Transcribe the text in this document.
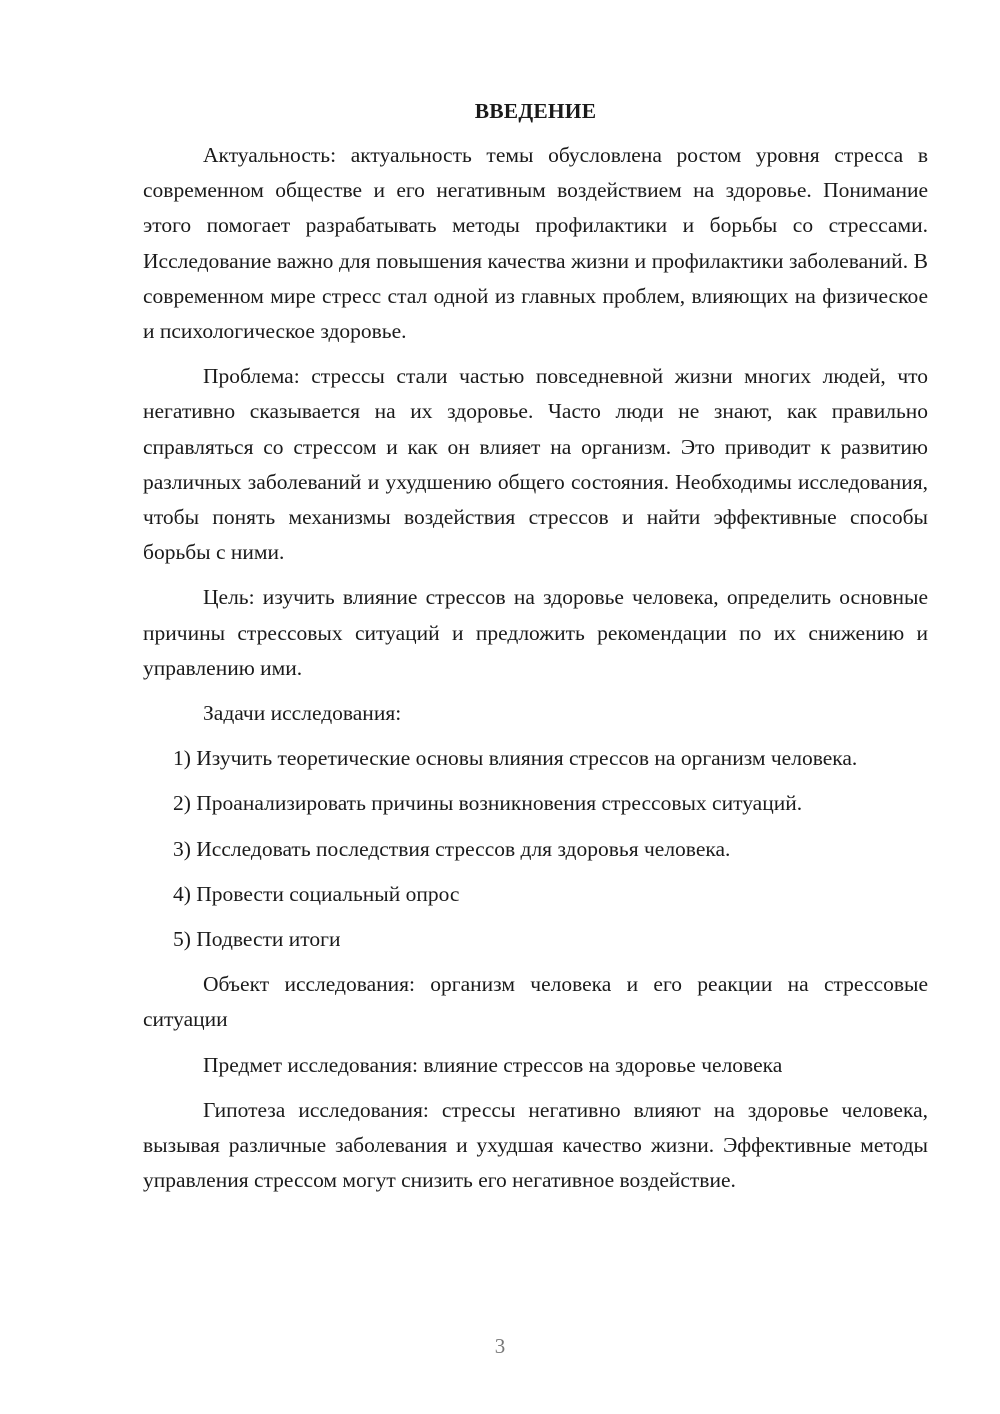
ВВЕДЕНИЕ

Актуальность: актуальность темы обусловлена ростом уровня стресса в современном обществе и его негативным воздействием на здоровье. Понимание этого помогает разрабатывать методы профилактики и борьбы со стрессами. Исследование важно для повышения качества жизни и профилактики заболеваний. В современном мире стресс стал одной из главных проблем, влияющих на физическое и психологическое здоровье.

Проблема: стрессы стали частью повседневной жизни многих людей, что негативно сказывается на их здоровье. Часто люди не знают, как правильно справляться со стрессом и как он влияет на организм. Это приводит к развитию различных заболеваний и ухудшению общего состояния. Необходимы исследования, чтобы понять механизмы воздействия стрессов и найти эффективные способы борьбы с ними.

Цель: изучить влияние стрессов на здоровье человека, определить основные причины стрессовых ситуаций и предложить рекомендации по их снижению и управлению ими.

Задачи исследования:

1) Изучить теоретические основы влияния стрессов на организм человека.

2) Проанализировать причины возникновения стрессовых ситуаций.

3) Исследовать последствия стрессов для здоровья человека.

4) Провести социальный опрос

5) Подвести итоги

Объект исследования: организм человека и его реакции на стрессовые ситуации

Предмет исследования: влияние стрессов на здоровье человека

Гипотеза исследования: стрессы негативно влияют на здоровье человека, вызывая различные заболевания и ухудшая качество жизни. Эффективные методы управления стрессом могут снизить его негативное воздействие.

3
